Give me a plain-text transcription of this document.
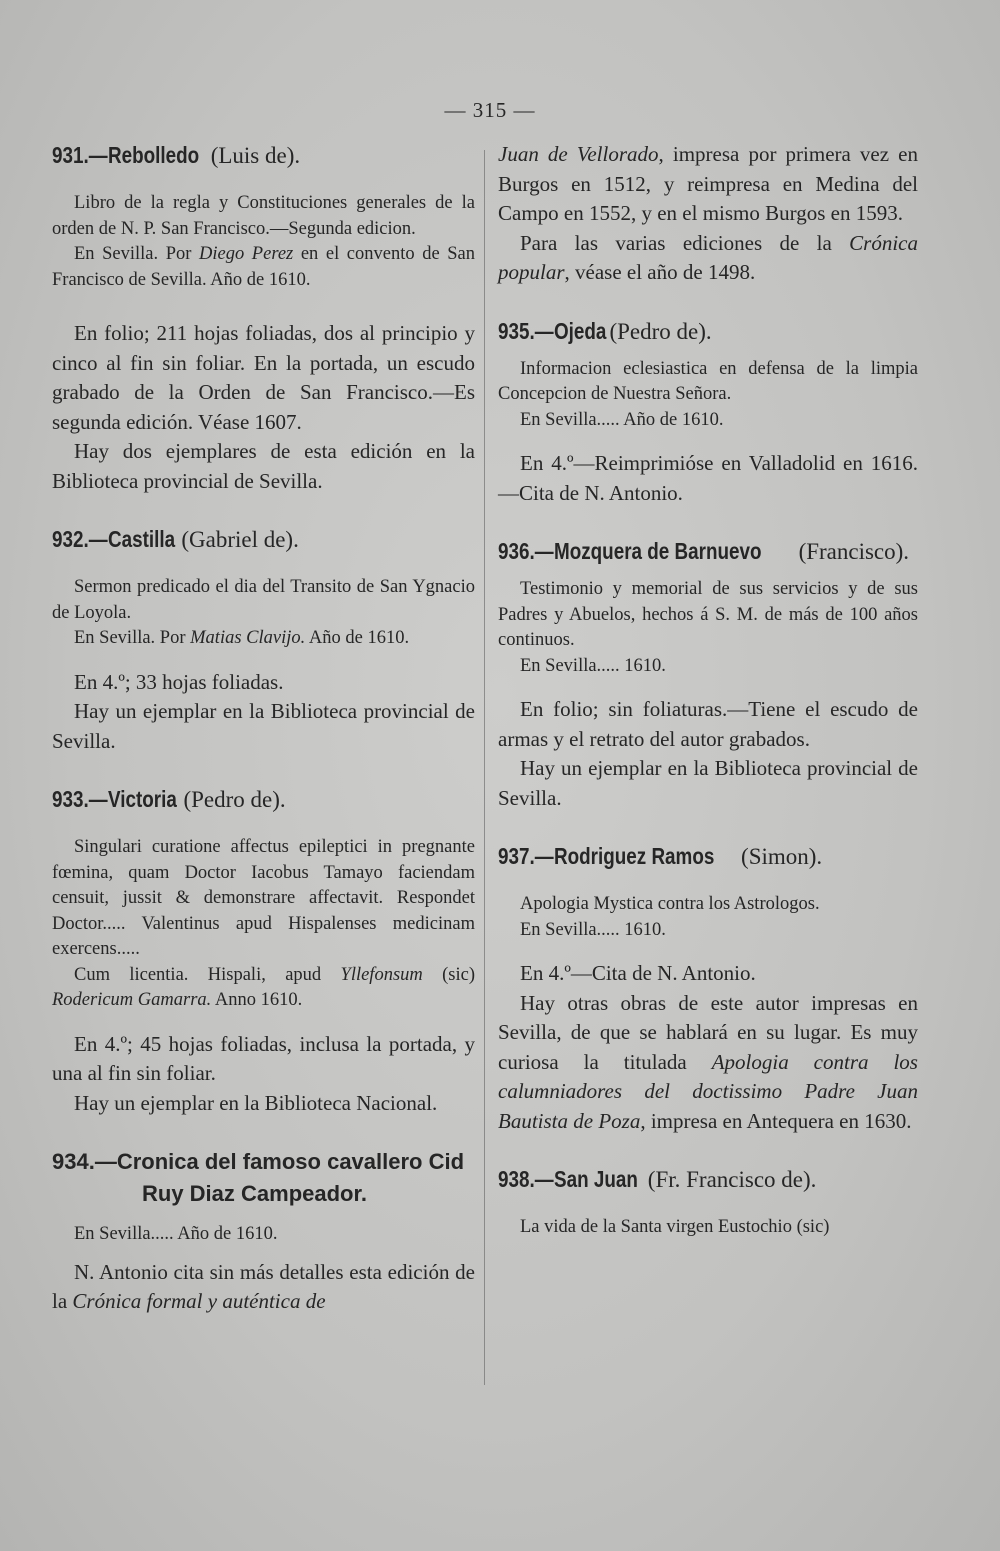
— 315 —
931.—Rebolledo (Luis de).

Libro de la regla y Constituciones generales de la orden de N. P. San Francisco.—Segunda edicion.

En Sevilla. Por Diego Perez en el convento de San Francisco de Sevilla. Año de 1610.

En folio; 211 hojas foliadas, dos al principio y cinco al fin sin foliar. En la portada, un escudo grabado de la Orden de San Francisco.—Es segunda edición. Véase 1607.

Hay dos ejemplares de esta edición en la Biblioteca provincial de Sevilla.

932.—Castilla (Gabriel de).

Sermon predicado el dia del Transito de San Ygnacio de Loyola.

En Sevilla. Por Matias Clavijo. Año de 1610.

En 4.º; 33 hojas foliadas.

Hay un ejemplar en la Biblioteca provincial de Sevilla.

933.—Victoria (Pedro de).

Singulari curatione affectus epileptici in pregnante fœmina, quam Doctor Iacobus Tamayo faciendam censuit, jussit & demonstrare affectavit. Respondet Doctor..... Valentinus apud Hispalenses medicinam exercens.....

Cum licentia. Hispali, apud Yllefonsum (sic) Rodericum Gamarra. Anno 1610.

En 4.º; 45 hojas foliadas, inclusa la portada, y una al fin sin foliar.

Hay un ejemplar en la Biblioteca Nacional.

934.—Cronica del famoso cavallero Cid
Ruy Diaz Campeador.

En Sevilla..... Año de 1610.

N. Antonio cita sin más detalles esta edición de la Crónica formal y auténtica de

Juan de Vellorado, impresa por primera vez en Burgos en 1512, y reimpresa en Medina del Campo en 1552, y en el mismo Burgos en 1593.

Para las varias ediciones de la Crónica popular, véase el año de 1498.

935.—Ojeda (Pedro de).

Informacion eclesiastica en defensa de la limpia Concepcion de Nuestra Señora.

En Sevilla..... Año de 1610.

En 4.º—Reimprimióse en Valladolid en 1616.—Cita de N. Antonio.

936.—Mozquera de Barnuevo (Francisco).

Testimonio y memorial de sus servicios y de sus Padres y Abuelos, hechos á S. M. de más de 100 años continuos.

En Sevilla..... 1610.

En folio; sin foliaturas.—Tiene el escudo de armas y el retrato del autor grabados.

Hay un ejemplar en la Biblioteca provincial de Sevilla.

937.—Rodriguez Ramos (Simon).

Apologia Mystica contra los Astrologos.

En Sevilla..... 1610.

En 4.º—Cita de N. Antonio.

Hay otras obras de este autor impresas en Sevilla, de que se hablará en su lugar. Es muy curiosa la titulada Apologia contra los calumniadores del doctissimo Padre Juan Bautista de Poza, impresa en Antequera en 1630.

938.—San Juan (Fr. Francisco de).

La vida de la Santa virgen Eustochio (sic)
